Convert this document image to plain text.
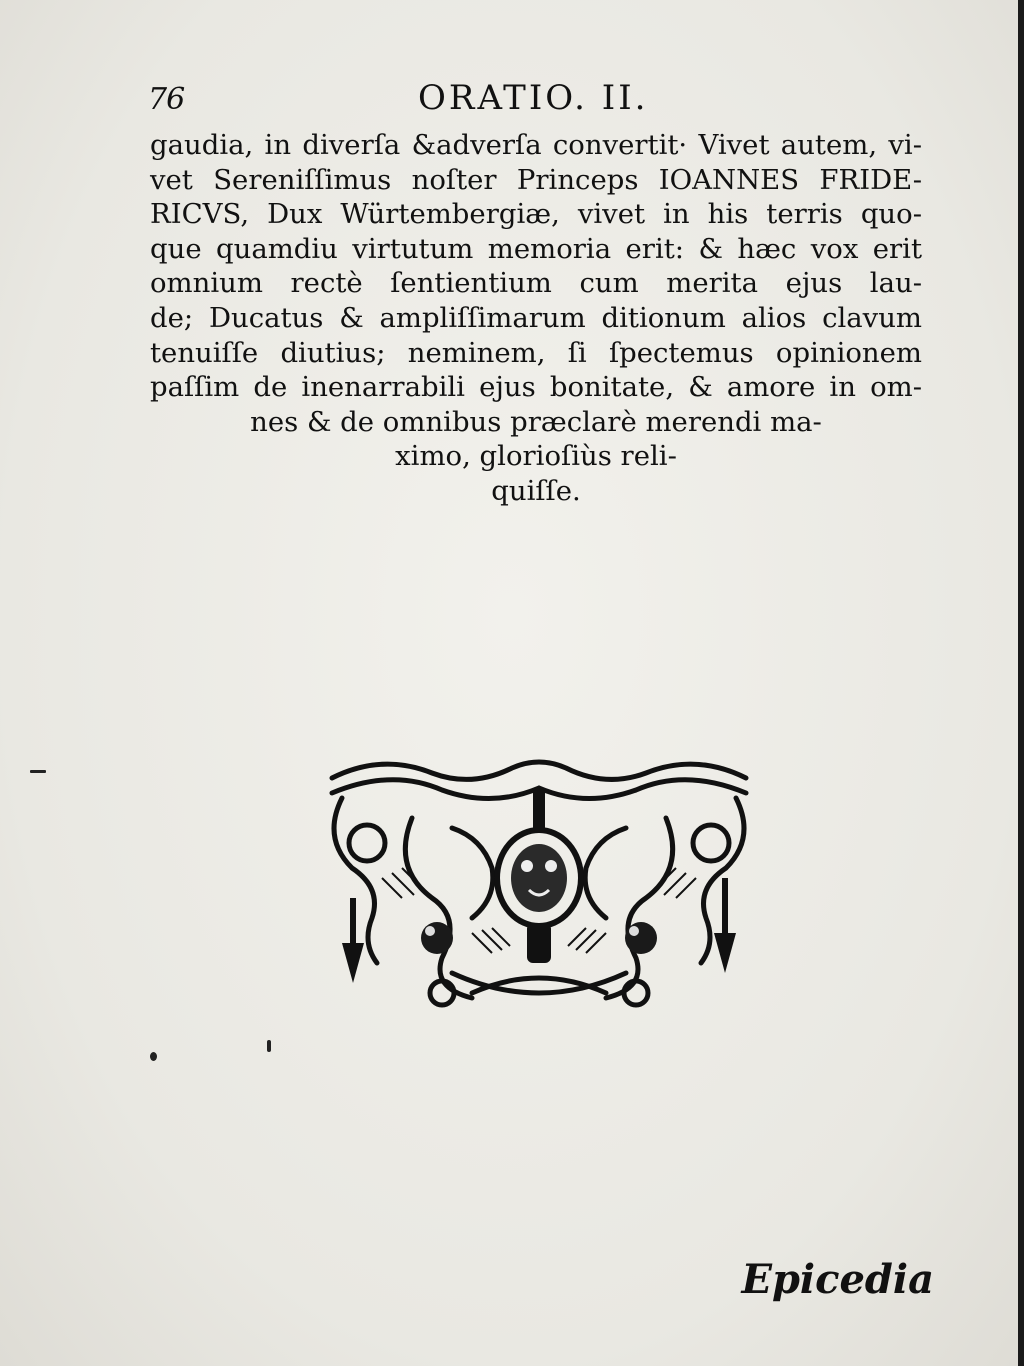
76	ORATIO. II.
gaudia, in diverſa &adverſa convertit· Vivet autem, vi-
vet Sereniſſimus noſter Princeps IOANNES FRIDE-
RICVS, Dux Würtembergiæ, vivet in his terris quo-
que quamdiu virtutum memoria erit: & hæc vox erit
omnium rectè ſentientium cum merita ejus lau-
de; Ducatus & ampliſſimarum ditionum alios clavum
tenuiſſe diutius; neminem, ſi ſpectemus opinionem
paſſim de inenarrabili ejus bonitate, & amore in om-
nes & de omnibus præclarè merendi ma-
ximo, glorioſiùs reli-
quiſſe.
Epicedia
